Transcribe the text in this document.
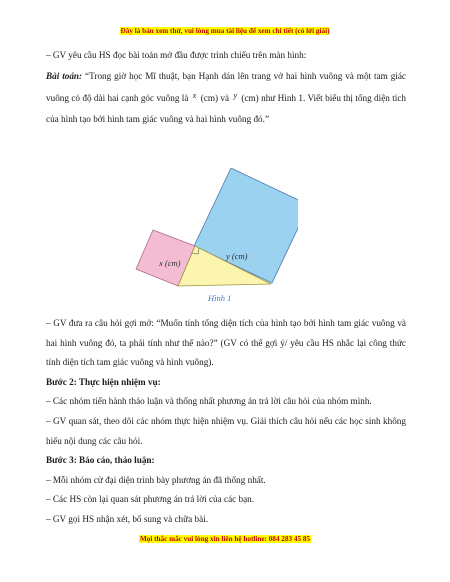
Đây là bản xem thử, vui lòng mua tài liệu để xem chi tiết (có lời giải)

– GV yêu cầu HS đọc bài toán mở đầu được trình chiếu trên màn hình:

Bài toán: “Trong giờ học Mĩ thuật, bạn Hạnh dán lên trang vở hai hình vuông và một tam giác vuông có độ dài hai cạnh góc vuông là x (cm) và y (cm) như Hình 1. Viết biểu thị tổng diện tích của hình tạo bởi hình tam giác vuông và hai hình vuông đó.”

x (cm)
y (cm)
Hình 1

– GV đưa ra câu hỏi gợi mở: “Muốn tính tổng diện tích của hình tạo bởi hình tam giác vuông và hai hình vuông đó, ta phải tính như thế nào?” (GV có thể gợi ý/ yêu cầu HS nhắc lại công thức tính diện tích tam giác vuông và hình vuông).

Bước 2: Thực hiện nhiệm vụ:

– Các nhóm tiến hành thảo luận và thống nhất phương án trả lời câu hỏi của nhóm mình.

– GV quan sát, theo dõi các nhóm thực hiện nhiệm vụ. Giải thích câu hỏi nếu các học sinh không hiểu nội dung các câu hỏi.

Bước 3: Báo cáo, thảo luận:

– Mỗi nhóm cử đại diện trình bày phương án đã thống nhất.

– Các HS còn lại quan sát phương án trả lời của các bạn.

– GV gọi HS nhận xét, bổ sung và chữa bài.

Mọi thắc mắc vui lòng xin liên hệ hotline: 084 283 45 85
